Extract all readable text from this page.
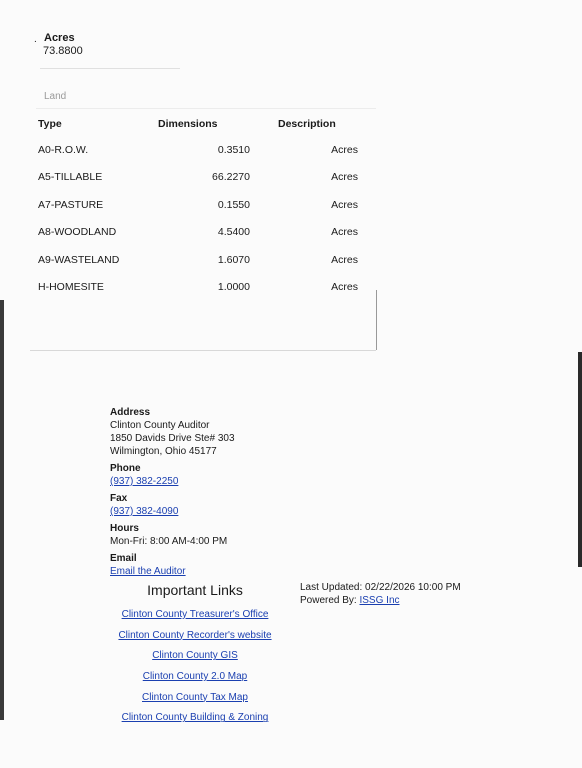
. Acres
73.8800
Land
Type	Dimensions	Description
A0-R.O.W.	0.3510	Acres
A5-TILLABLE	66.2270	Acres
A7-PASTURE	0.1550	Acres
A8-WOODLAND	4.5400	Acres
A9-WASTELAND	1.6070	Acres
H-HOMESITE	1.0000	Acres
Address
Clinton County Auditor
1850 Davids Drive Ste# 303
Wilmington, Ohio 45177
Phone
(937) 382-2250
Fax
(937) 382-4090
Hours
Mon-Fri: 8:00 AM-4:00 PM
Email
Email the Auditor
Important Links
Clinton County Treasurer's Office
Clinton County Recorder's website
Clinton County GIS
Clinton County 2.0 Map
Clinton County Tax Map
Clinton County Building & Zoning
Last Updated: 02/22/2026 10:00 PM
Powered By: ISSG Inc
